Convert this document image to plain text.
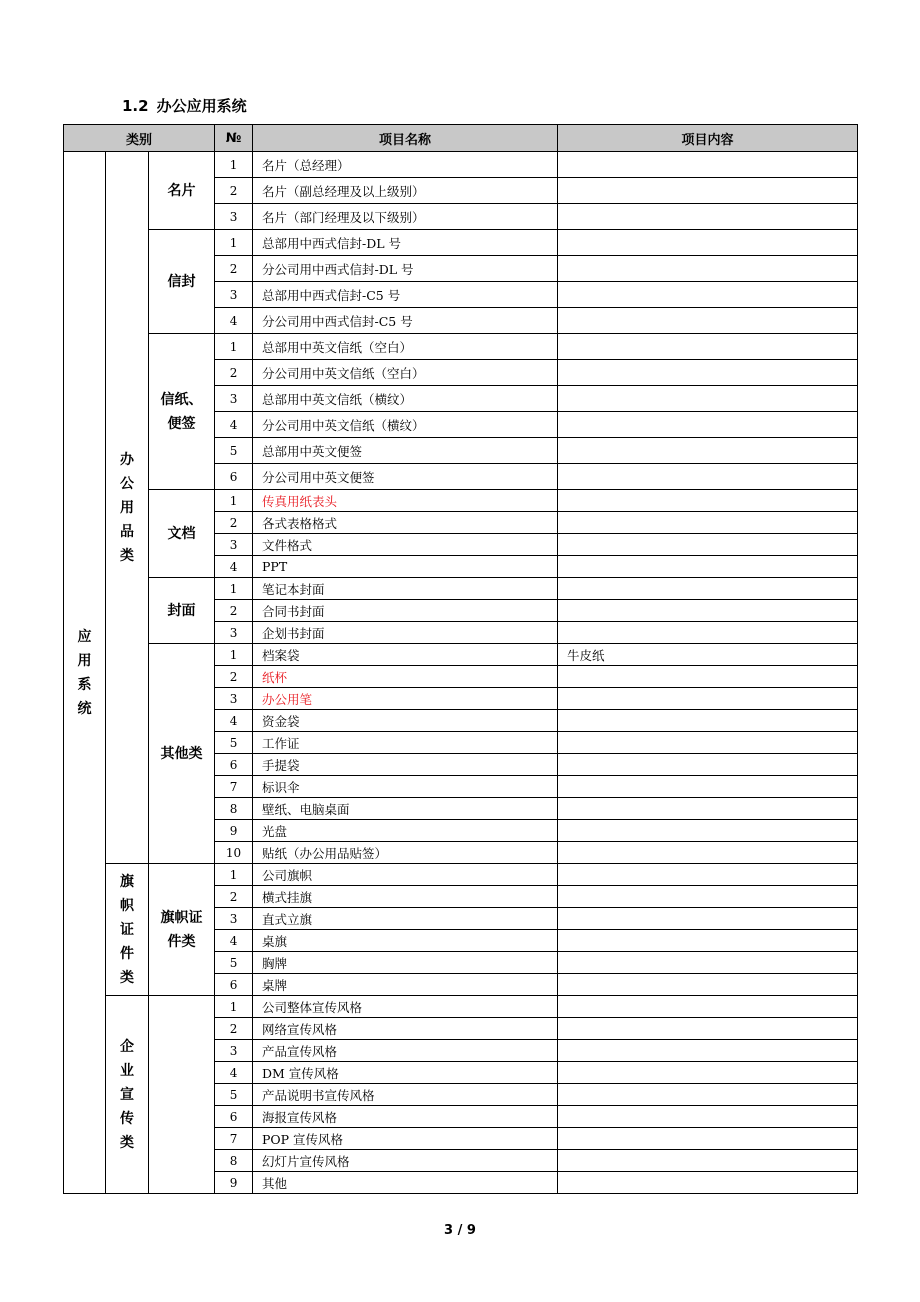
1.2 办公应用系统
类别			№	项目名称	项目内容

应用系统	办公用品类	名片	1	名片（总经理）	
			2	名片（副总经理及以上级别）	
			3	名片（部门经理及以下级别）	
		信封	1	总部用中西式信封-DL 号	
			2	分公司用中西式信封-DL 号	
			3	总部用中西式信封-C5 号	
			4	分公司用中西式信封-C5 号	
		信纸、便签	1	总部用中英文信纸（空白）	
			2	分公司用中英文信纸（空白）	
			3	总部用中英文信纸（横纹）	
			4	分公司用中英文信纸（横纹）	
			5	总部用中英文便签	
			6	分公司用中英文便签	
		文档	1	传真用纸表头	
			2	各式表格格式	
			3	文件格式	
			4	PPT	
		封面	1	笔记本封面	
			2	合同书封面	
			3	企划书封面	
		其他类	1	档案袋	牛皮纸
			2	纸杯	
			3	办公用笔	
			4	资金袋	
			5	工作证	
			6	手提袋	
			7	标识伞	
			8	壁纸、电脑桌面	
			9	光盘	
			10	贴纸（办公用品贴签）	

	旗帜证件类	旗帜证件类	1	公司旗帜	
			2	横式挂旗	
			3	直式立旗	
			4	桌旗	
			5	胸牌	
			6	桌牌	

	企业宣传类		1	公司整体宣传风格	
			2	网络宣传风格	
			3	产品宣传风格	
			4	DM 宣传风格	
			5	产品说明书宣传风格	
			6	海报宣传风格	
			7	POP 宣传风格	
			8	幻灯片宣传风格	
			9	其他	
3 / 9
